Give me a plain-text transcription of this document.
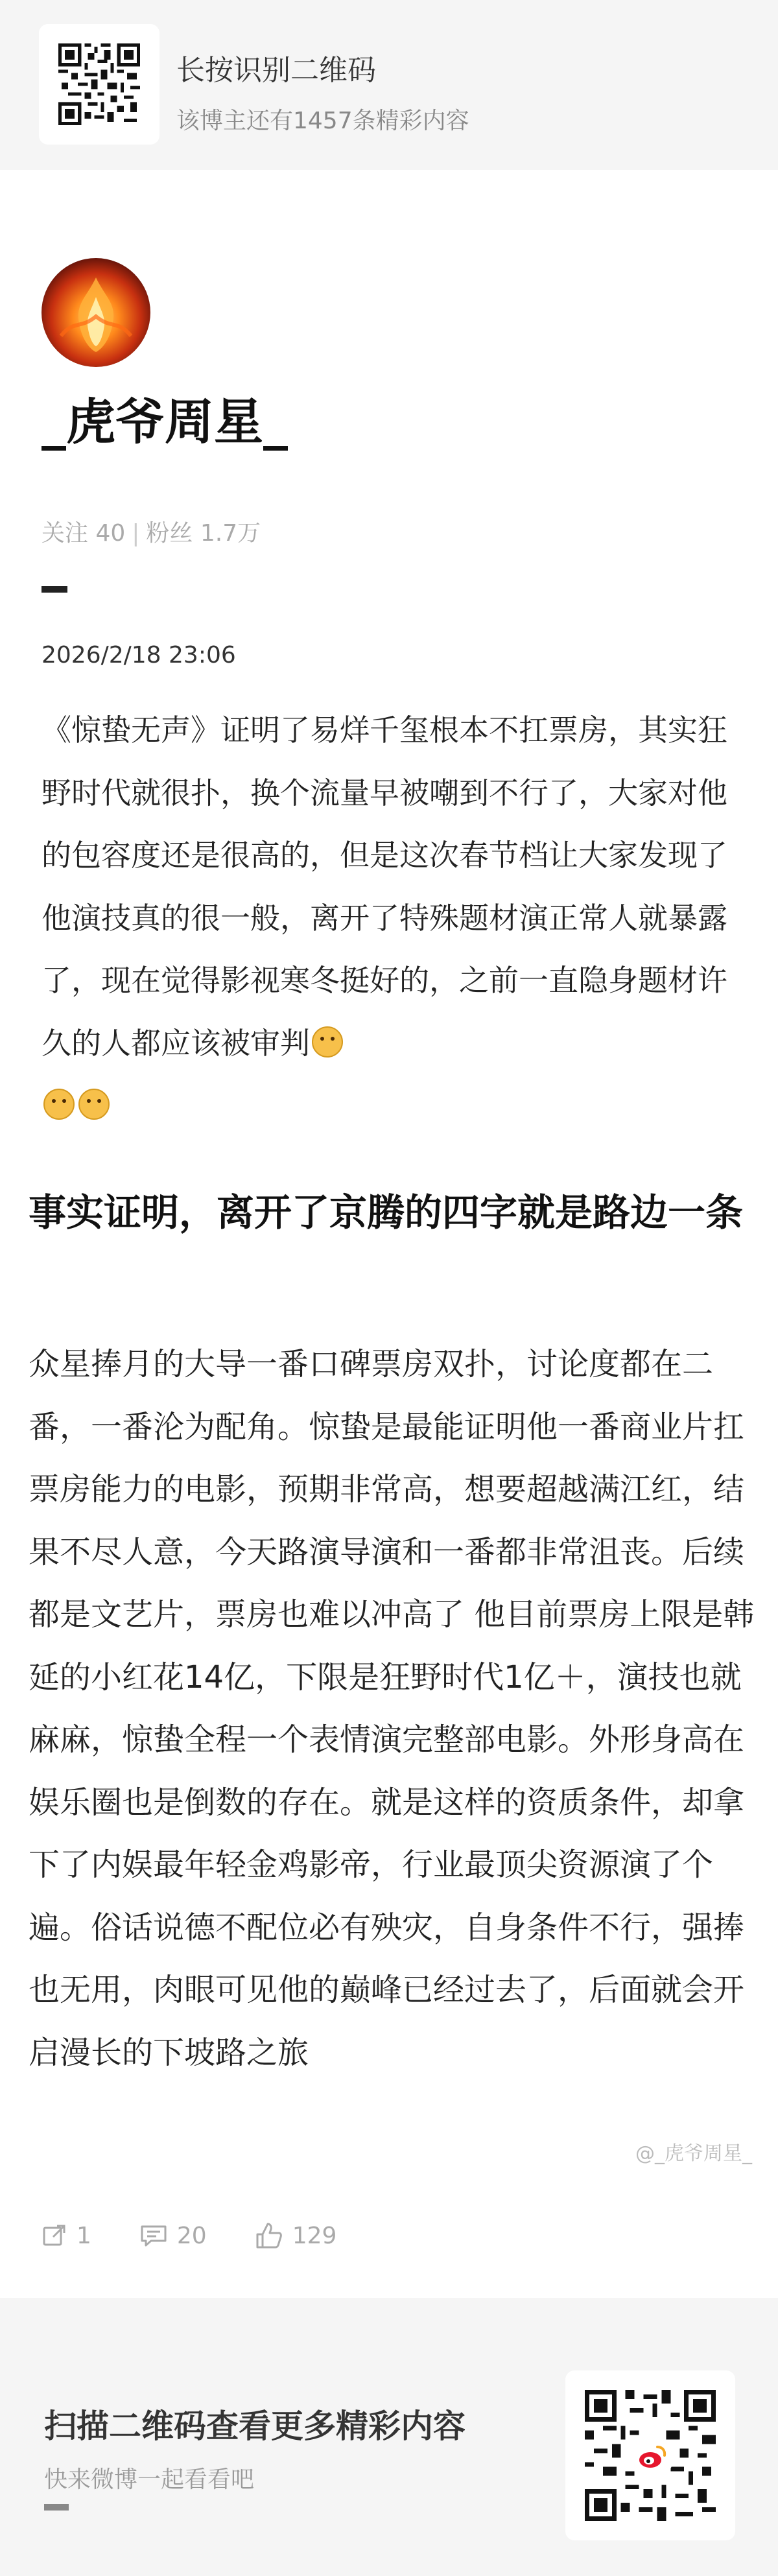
长按识别二维码
该博主还有1457条精彩内容
_虎爷周星_
关注 40 | 粉丝 1.7万
2026/2/18 23:06
《惊蛰无声》证明了易烊千玺根本不扛票房，其实狂野时代就很扑，换个流量早被嘲到不行了，大家对他的包容度还是很高的，但是这次春节档让大家发现了他演技真的很一般，离开了特殊题材演正常人就暴露了，现在觉得影视寒冬挺好的，之前一直隐身题材许久的人都应该被审判

事实证明，离开了京腾的四字就是路边一条
众星捧月的大导一番口碑票房双扑，讨论度都在二番，一番沦为配角。惊蛰是最能证明他一番商业片扛票房能力的电影，预期非常高，想要超越满江红，结果不尽人意，今天路演导演和一番都非常沮丧。后续都是文艺片，票房也难以冲高了 他目前票房上限是韩延的小红花14亿，下限是狂野时代1亿＋，演技也就麻麻，惊蛰全程一个表情演完整部电影。外形身高在娱乐圈也是倒数的存在。就是这样的资质条件，却拿下了内娱最年轻金鸡影帝，行业最顶尖资源演了个遍。俗话说德不配位必有殃灾，自身条件不行，强捧也无用，肉眼可见他的巅峰已经过去了，后面就会开启漫长的下坡路之旅
@_虎爷周星_
1	20	129
扫描二维码查看更多精彩内容
快来微博一起看看吧
